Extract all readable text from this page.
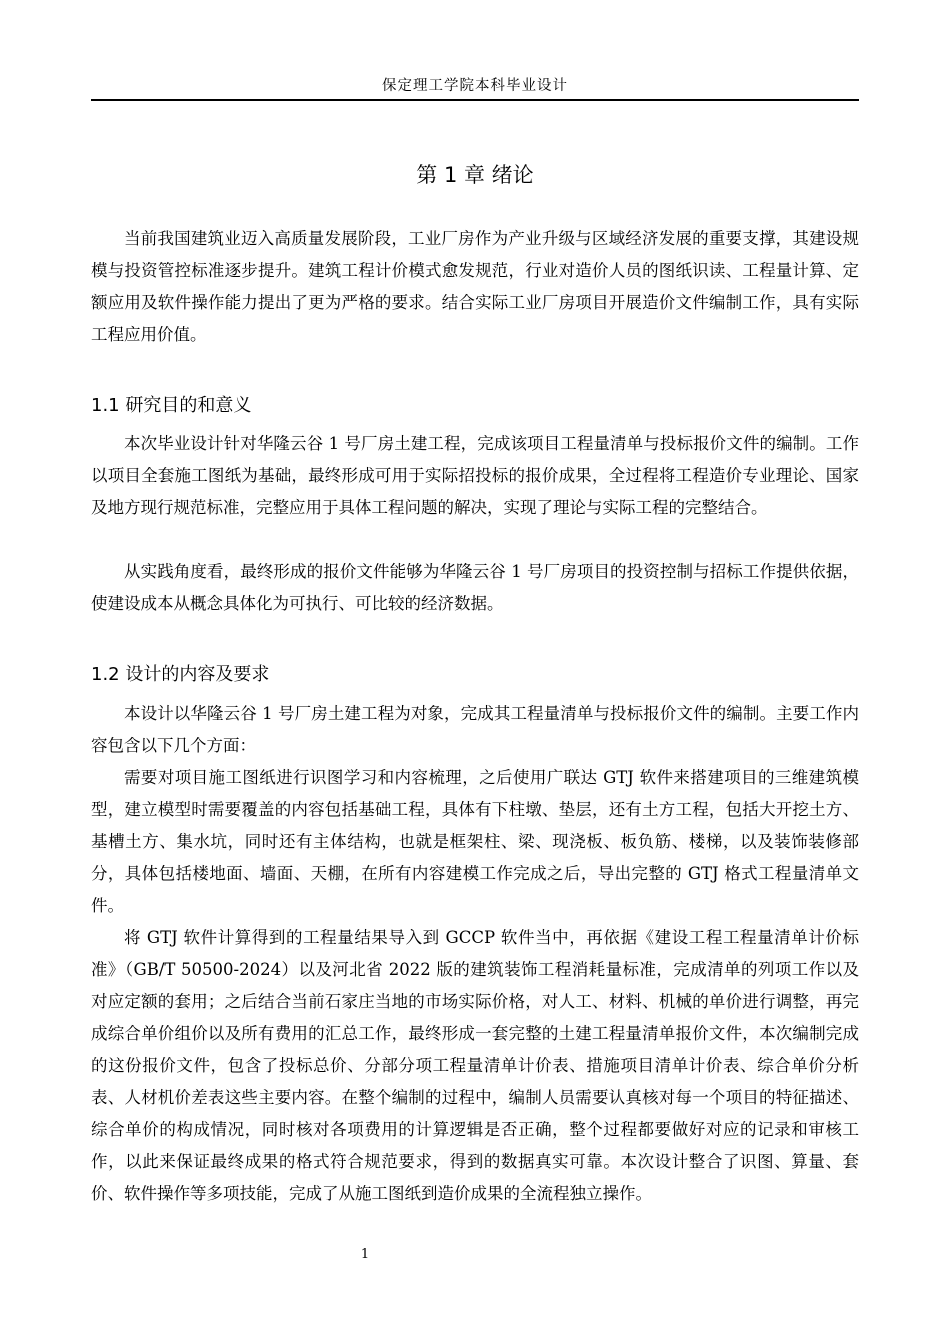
保定理工学院本科毕业设计
第 1 章 绪论
当前我国建筑业迈入高质量发展阶段，工业厂房作为产业升级与区域经济发展的重要支撑，其建设规模与投资管控标准逐步提升。建筑工程计价模式愈发规范，行业对造价人员的图纸识读、工程量计算、定额应用及软件操作能力提出了更为严格的要求。结合实际工业厂房项目开展造价文件编制工作，具有实际工程应用价值。
1.1 研究目的和意义
本次毕业设计针对华隆云谷 1 号厂房土建工程，完成该项目工程量清单与投标报价文件的编制。工作以项目全套施工图纸为基础，最终形成可用于实际招投标的报价成果，全过程将工程造价专业理论、国家及地方现行规范标准，完整应用于具体工程问题的解决，实现了理论与实际工程的完整结合。
从实践角度看，最终形成的报价文件能够为华隆云谷 1 号厂房项目的投资控制与招标工作提供依据，使建设成本从概念具体化为可执行、可比较的经济数据。
1.2 设计的内容及要求
本设计以华隆云谷 1 号厂房土建工程为对象，完成其工程量清单与投标报价文件的编制。主要工作内容包含以下几个方面：
需要对项目施工图纸进行识图学习和内容梳理，之后使用广联达 GTJ 软件来搭建项目的三维建筑模型，建立模型时需要覆盖的内容包括基础工程，具体有下柱墩、垫层，还有土方工程，包括大开挖土方、基槽土方、集水坑，同时还有主体结构，也就是框架柱、梁、现浇板、板负筋、楼梯，以及装饰装修部分，具体包括楼地面、墙面、天棚，在所有内容建模工作完成之后，导出完整的 GTJ 格式工程量清单文件。
将 GTJ 软件计算得到的工程量结果导入到 GCCP 软件当中，再依据《建设工程工程量清单计价标准》（GB/T 50500-2024）以及河北省 2022 版的建筑装饰工程消耗量标准，完成清单的列项工作以及对应定额的套用；之后结合当前石家庄当地的市场实际价格，对人工、材料、机械的单价进行调整，再完成综合单价组价以及所有费用的汇总工作，最终形成一套完整的土建工程量清单报价文件，本次编制完成的这份报价文件，包含了投标总价、分部分项工程量清单计价表、措施项目清单计价表、综合单价分析表、人材机价差表这些主要内容。在整个编制的过程中，编制人员需要认真核对每一个项目的特征描述、综合单价的构成情况，同时核对各项费用的计算逻辑是否正确，整个过程都要做好对应的记录和审核工作，以此来保证最终成果的格式符合规范要求，得到的数据真实可靠。本次设计整合了识图、算量、套价、软件操作等多项技能，完成了从施工图纸到造价成果的全流程独立操作。
1
